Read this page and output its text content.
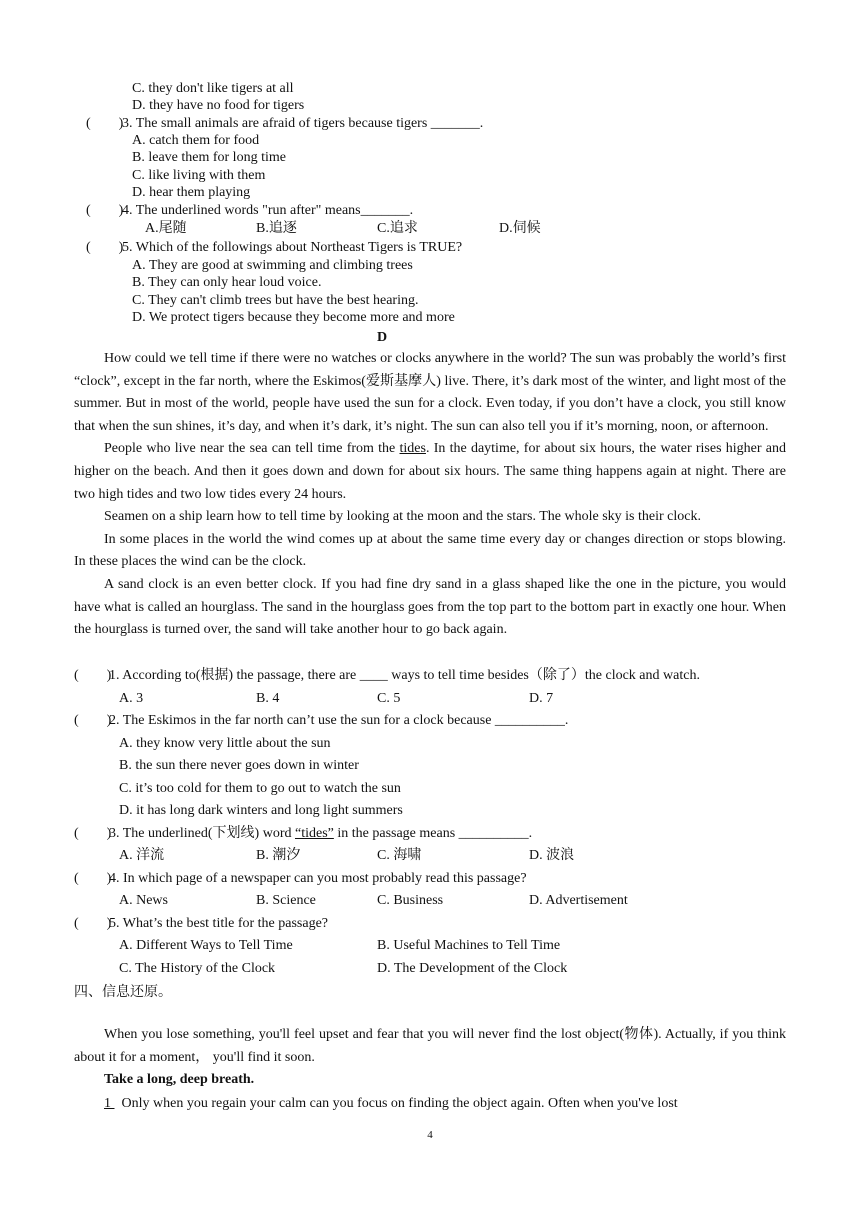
C. they don't like tigers at all
D. they have no food for tigers
(　　)
3. The small animals are afraid of tigers because tigers _______.
A. catch them for food
B. leave them for long time
C. like living with them
D. hear them playing
(　　)
4. The underlined words "run after" means_______.
A.尾随	B.追逐	C.追求	D.伺候
(　　)
5. Which of the followings about Northeast Tigers is TRUE?
A. They are good at swimming and climbing trees
B. They can only hear loud voice.
C. They can't climb trees but have the best hearing.
D. We protect tigers because they become more and more
D

How could we tell time if there were no watches or clocks anywhere in the world? The sun was probably the world’s first “clock”, except in the far north, where the Eskimos(爱斯基摩人) live. There, it’s dark most of the winter, and light most of the summer. But in most of the world, people have used the sun for a clock. Even today, if you don’t have a clock, you still know that when the sun shines, it’s day, and when it’s dark, it’s night. The sun can also tell you if it’s morning, noon, or afternoon.

People who live near the sea can tell time from the tides. In the daytime, for about six hours, the water rises higher and higher on the beach. And then it goes down and down for about six hours. The same thing happens again at night. There are two high tides and two low tides every 24 hours.

Seamen on a ship learn how to tell time by looking at the moon and the stars. The whole sky is their clock.

In some places in the world the wind comes up at about the same time every day or changes direction or stops blowing. In these places the wind can be the clock.

A sand clock is an even better clock. If you had fine dry sand in a glass shaped like the one in the picture, you would have what is called an hourglass. The sand in the hourglass goes from the top part to the bottom part in exactly one hour. When the hourglass is turned over, the sand will take another hour to go back again.

(　　)
1. According to(根据) the passage, there are ____ ways to tell time besides（除了）the clock and watch.
A. 3	B. 4	C. 5	D. 7
(　　)
2. The Eskimos in the far north can’t use the sun for a clock because __________.
A. they know very little about the sun
B. the sun there never goes down in winter
C. it’s too cold for them to go out to watch the sun
D. it has long dark winters and long light summers
(　　)
3. The underlined(下划线) word “tides” in the passage means __________.
A. 洋流	B. 潮汐	C. 海啸	D. 波浪
(　　)
4. In which page of a newspaper can you most probably read this passage?
A. News	B. Science	C. Business	D. Advertisement
(　　)
5. What’s the best title for the passage?
A. Different Ways to Tell Time	B. Useful Machines to Tell Time
C. The History of the Clock	D. The Development of the Clock
四、信息还原。

When you lose something, you'll feel upset and fear that you will never find the lost object(物体). Actually, if you think about it for a moment， you'll find it soon.

Take a long, deep breath.

1   Only when you regain your calm can you focus on finding the object again. Often when you've lost

4
